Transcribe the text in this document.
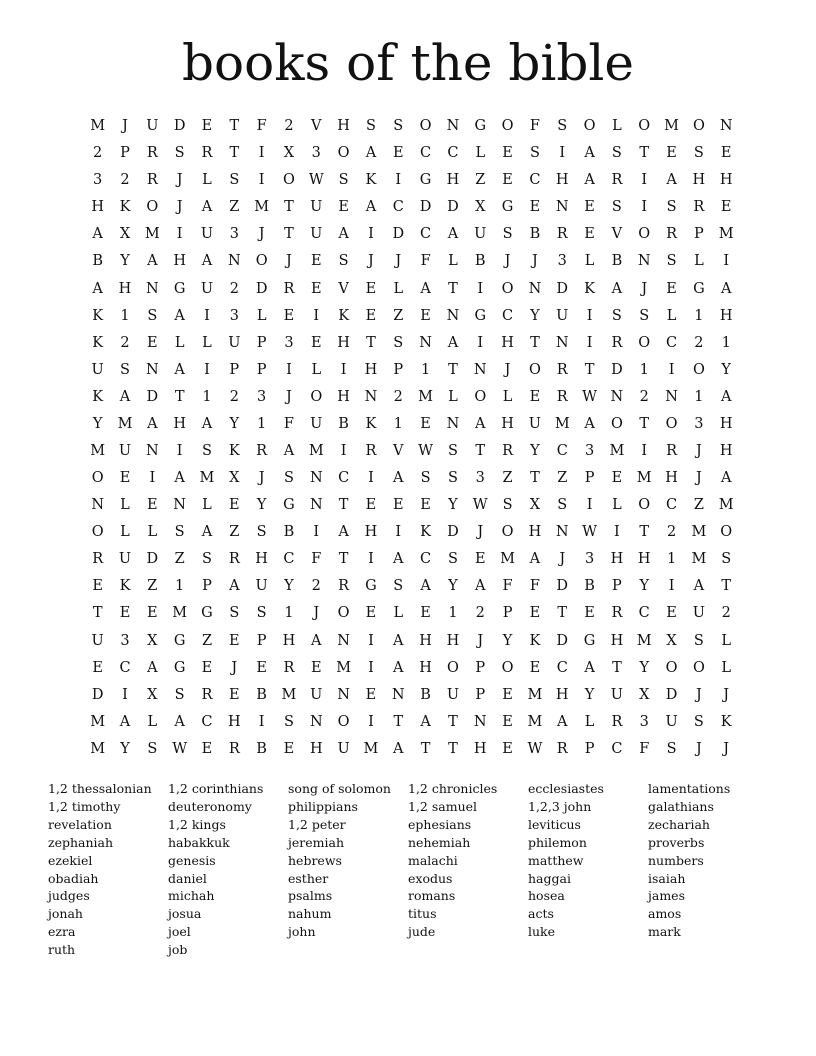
books of the bible
M	J	U	D	E	T	F	2	V	H	S	S	O	N	G	O	F	S	O	L	O M O	N
2	P	R	S	R	T	I	X	3	O	A	E	C	C	L	E	S	I	A	S	T	E	S	E
3	2	R	J	L	S	I	O W	S	K	I	G	H	Z	E	C	H	A	R	I	A	H	H
H	K	O	J	A	Z	M	T	U	E	A	C	D	D	X	G	E	N	E	S	I	S	R	E
A	X	M	I	U	3	J	T	U	A	I	D	C	A	U	S	B	R	E	V	O	R	P	M
B	Y	A	H	A	N	O	J	E	S	J	J	F	L	B	J	J	3	L	B	N	S	L	I
A	H	N	G	U	2	D	R	E	V	E	L	A	T	I	O	N	D	K	A	J	E	G	A
K	1	S	A	I	3	L	E	I	K	E	Z	E	N	G	C	Y	U	I	S	S	L	1	H
K	2	E	L	L	U	P	3	E	H	T	S	N	A	I	H	T	N	I	R	O	C	2	1
U	S	N	A	I	P	P	I	L	I	H	P	1	T	N	J	O	R	T	D	1	I	O	Y
K	A	D	T	1	2	3	J	O	H	N	2	M	L	O	L	E	R W N	2	N	1	A
Y	M	A	H	A	Y	1	F	U	B	K	1	E	N	A	H	U M	A	O	T	O	3	H
M U	N	I	S	K	R	A	M	I	R	V	W	S	T	R	Y	C	3	M	I	R	J	H
O	E	I	A	M	X	J	S	N	C	I	A	S	S	3	Z	T	Z	P	E	M H	J	A
N	L	E	N	L	E	Y	G	N	T	E	E	E	Y	W	S	X	S	I	L	O	C	Z	M
O	L	L	S	A	Z	S	B	I	A	H	I	K	D	J	O	H	N W	I	T	2	M O
R	U	D	Z	S	R	H	C	F	T	I	A	C	S	E	M	A	J	3	H	H	1	M	S
E	K	Z	1	P	A	U	Y	2	R	G	S	A	Y	A	F	F	D	B	P	Y	I	A	T
T	E	E	M G	S	S	1	J	O	E	L	E	1	2	P	E	T	E	R	C	E	U	2
U	3	X	G	Z	E	P	H	A	N	I	A	H	H	J	Y	K	D	G	H M	X	S	L
E	C	A	G	E	J	E	R	E	M	I	A	H	O	P	O	E	C	A	T	Y	O	O	L
D	I	X	S	R	E	B	M U	N	E	N	B	U	P	E	M H	Y	U	X	D	J	J
M	A	L	A	C	H	I	S	N	O	I	T	A	T	N	E	M	A	L	R	3	U	S	K
M	Y	S	W	E	R	B	E	H	U M	A	T	T	H	E	W R	P	C	F	S	J	J
1,2 thessalonian
1,2 timothy
revelation
zephaniah
ezekiel
obadiah
judges
jonah
ezra
ruth
1,2 corinthians
deuteronomy
1,2 kings
habakkuk
genesis
daniel
michah
josua
joel
job
song of solomon
philippians
1,2 peter
jeremiah
hebrews
esther
psalms
nahum
john
1,2 chronicles
1,2 samuel
ephesians
nehemiah
malachi
exodus
romans
titus
jude
ecclesiastes
1,2,3 john
leviticus
philemon
matthew
haggai
hosea
acts
luke
lamentations
galathians
zechariah
proverbs
numbers
isaiah
james
amos
mark
